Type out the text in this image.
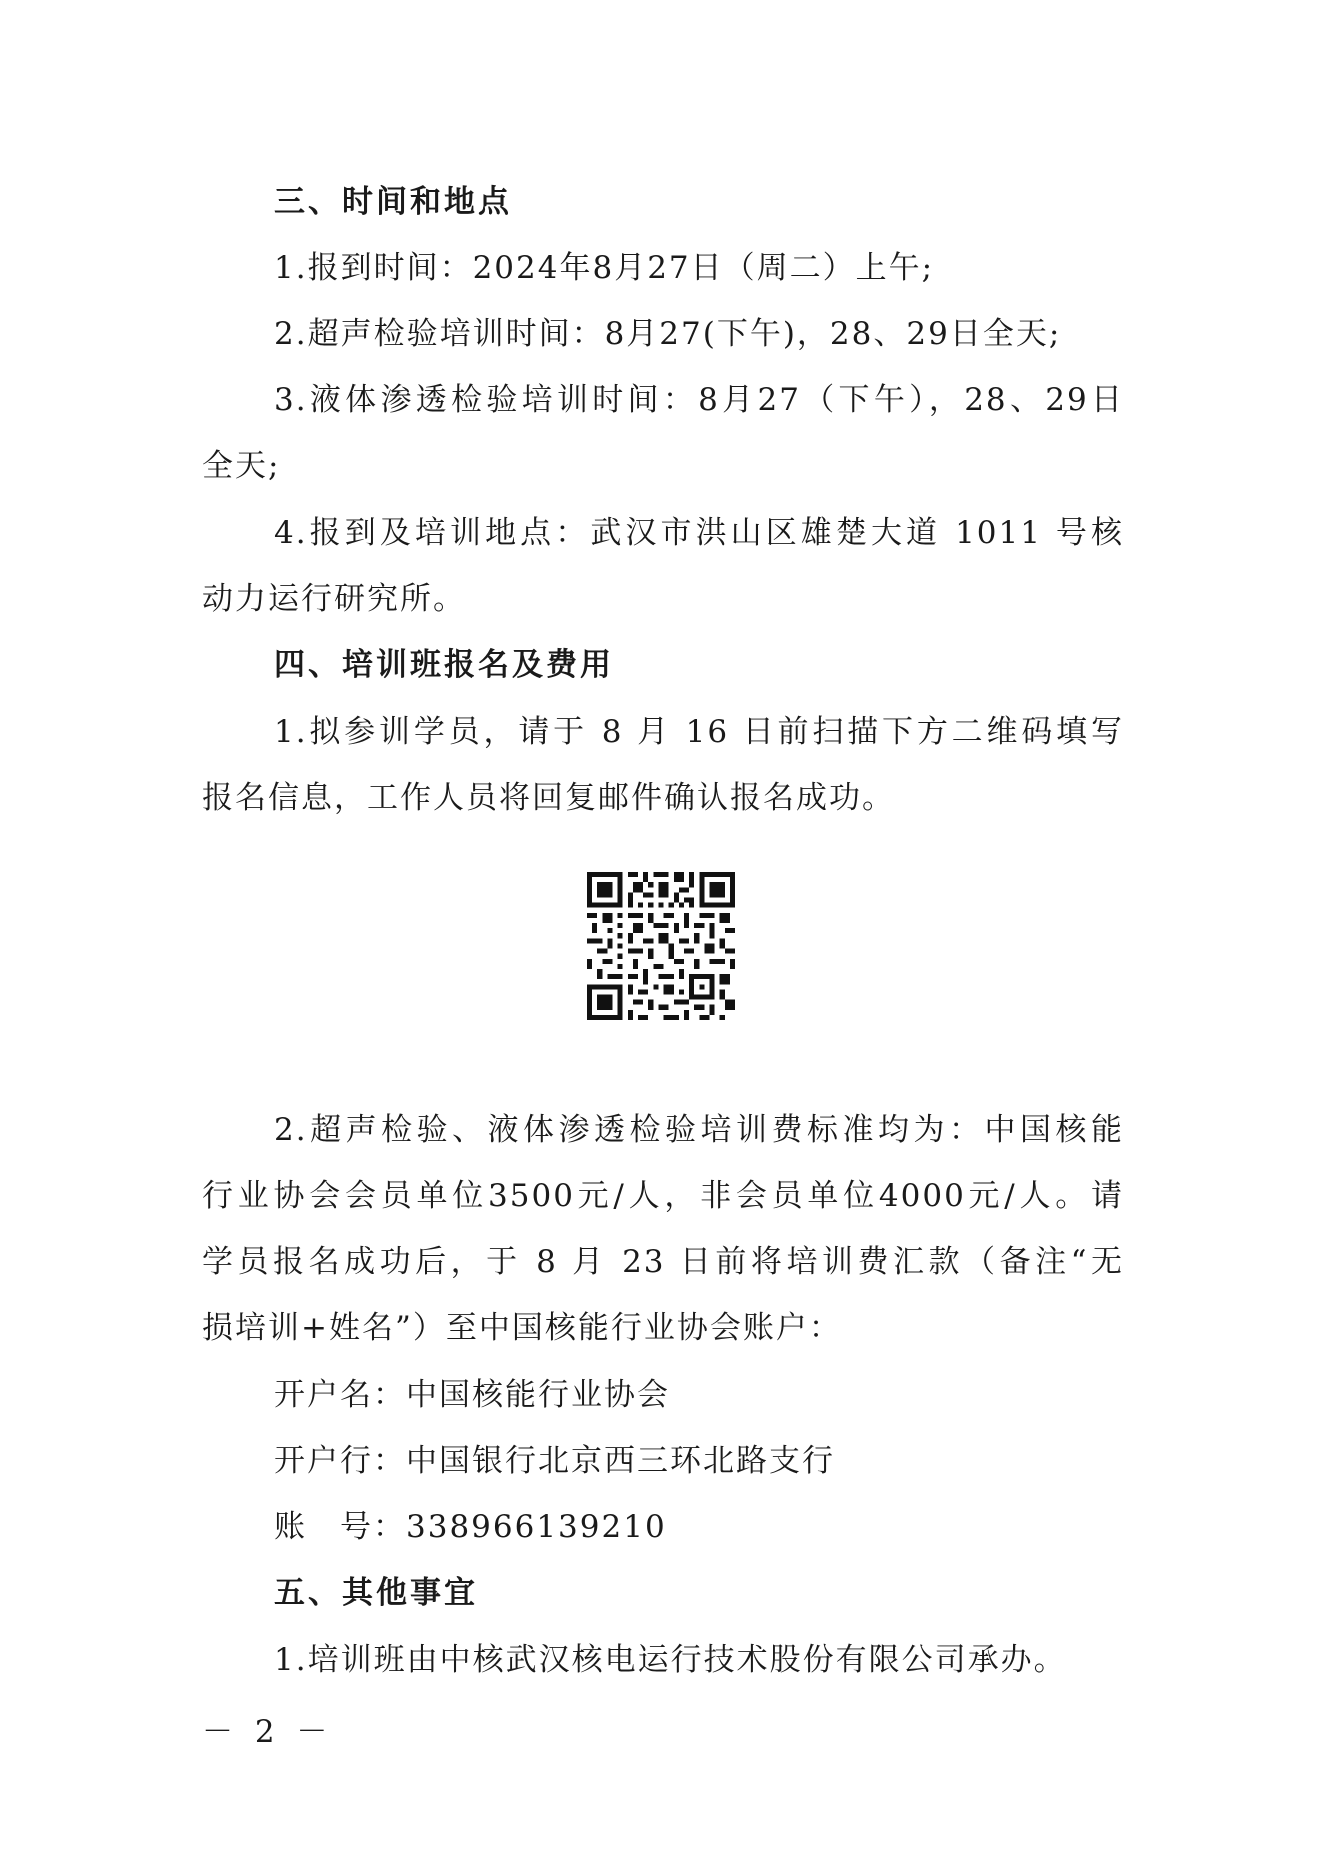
三、时间和地点
1.报到时间：2024年8月27日（周二）上午;
2.超声检验培训时间：8月27(下午)，28、29日全天;
3.液体渗透检验培训时间：8月27（下午），28、29日
全天;
4.报到及培训地点：武汉市洪山区雄楚大道 1011 号核
动力运行研究所。
四、培训班报名及费用
1.拟参训学员，请于 8 月 16 日前扫描下方二维码填写
报名信息，工作人员将回复邮件确认报名成功。
2.超声检验、液体渗透检验培训费标准均为：中国核能
行业协会会员单位3500元/人，非会员单位4000元/人。请
学员报名成功后，于 8 月 23 日前将培训费汇款（备注“无
损培训+姓名”）至中国核能行业协会账户：
开户名：中国核能行业协会
开户行：中国银行北京西三环北路支行
账　号：338966139210
五、其他事宜
1.培训班由中核武汉核电运行技术股份有限公司承办。
－ 2 －
